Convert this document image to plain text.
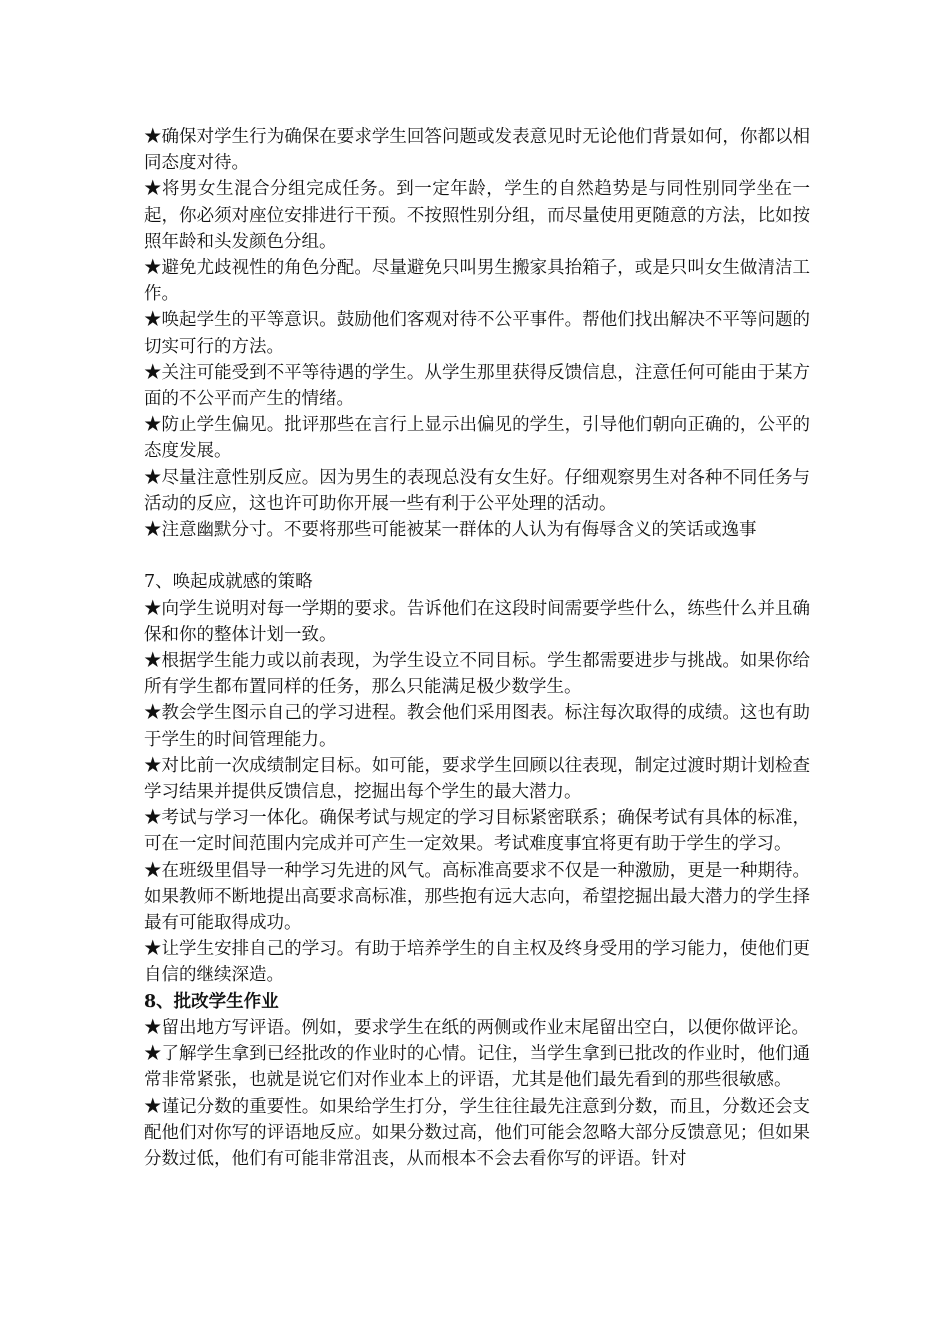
★确保对学生行为确保在要求学生回答问题或发表意见时无论他们背景如何，你都以相同态度对待。

★将男女生混合分组完成任务。到一定年龄，学生的自然趋势是与同性别同学坐在一起，你必须对座位安排进行干预。不按照性别分组，而尽量使用更随意的方法，比如按照年龄和头发颜色分组。

★避免尤歧视性的角色分配。尽量避免只叫男生搬家具抬箱子，或是只叫女生做清洁工作。

★唤起学生的平等意识。鼓励他们客观对待不公平事件。帮他们找出解决不平等问题的切实可行的方法。

★关注可能受到不平等待遇的学生。从学生那里获得反馈信息，注意任何可能由于某方面的不公平而产生的情绪。

★防止学生偏见。批评那些在言行上显示出偏见的学生，引导他们朝向正确的，公平的态度发展。

★尽量注意性别反应。因为男生的表现总没有女生好。仔细观察男生对各种不同任务与活动的反应，这也许可助你开展一些有利于公平处理的活动。

★注意幽默分寸。不要将那些可能被某一群体的人认为有侮辱含义的笑话或逸事

7、唤起成就感的策略

★向学生说明对每一学期的要求。告诉他们在这段时间需要学些什么，练些什么并且确保和你的整体计划一致。

★根据学生能力或以前表现，为学生设立不同目标。学生都需要进步与挑战。如果你给所有学生都布置同样的任务，那么只能满足极少数学生。

★教会学生图示自己的学习进程。教会他们采用图表。标注每次取得的成绩。这也有助于学生的时间管理能力。

★对比前一次成绩制定目标。如可能，要求学生回顾以往表现，制定过渡时期计划检查学习结果并提供反馈信息，挖掘出每个学生的最大潜力。

★考试与学习一体化。确保考试与规定的学习目标紧密联系；确保考试有具体的标准，可在一定时间范围内完成并可产生一定效果。考试难度事宜将更有助于学生的学习。

★在班级里倡导一种学习先进的风气。高标准高要求不仅是一种激励，更是一种期待。如果教师不断地提出高要求高标准，那些抱有远大志向，希望挖掘出最大潜力的学生择最有可能取得成功。

★让学生安排自己的学习。有助于培养学生的自主权及终身受用的学习能力，使他们更自信的继续深造。

8、批改学生作业

★留出地方写评语。例如，要求学生在纸的两侧或作业末尾留出空白，以便你做评论。

★了解学生拿到已经批改的作业时的心情。记住，当学生拿到已批改的作业时，他们通常非常紧张，也就是说它们对作业本上的评语，尤其是他们最先看到的那些很敏感。

★谨记分数的重要性。如果给学生打分，学生往往最先注意到分数，而且，分数还会支配他们对你写的评语地反应。如果分数过高，他们可能会忽略大部分反馈意见；但如果分数过低，他们有可能非常沮丧，从而根本不会去看你写的评语。针对
